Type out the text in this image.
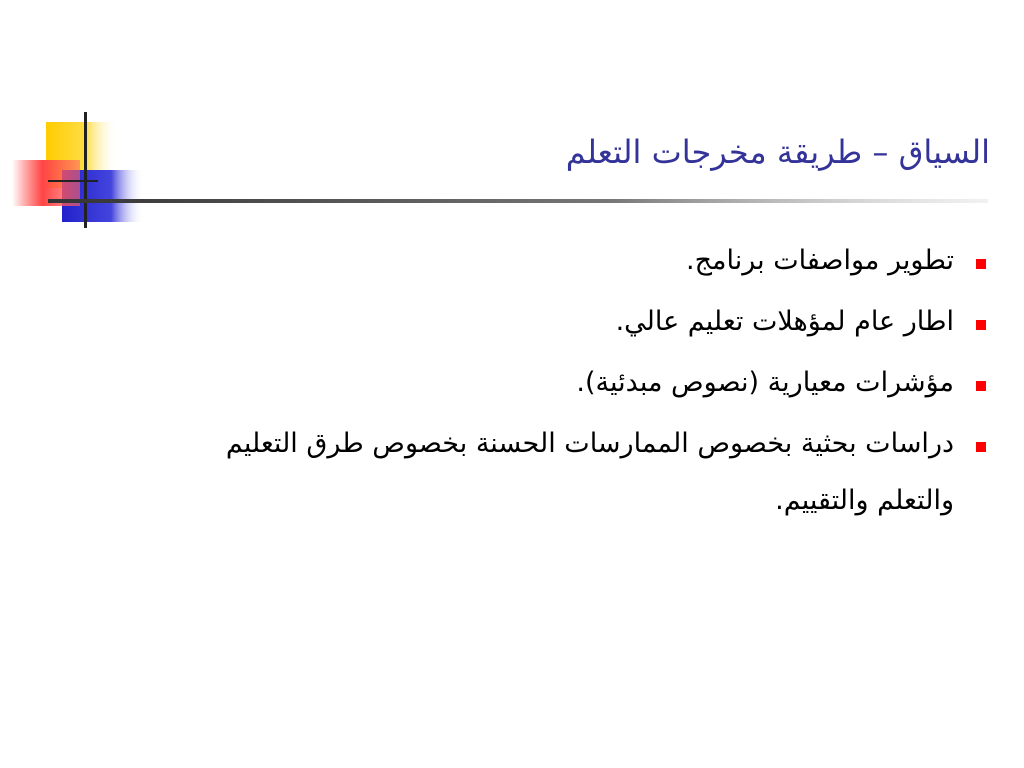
السياق – طريقة مخرجات التعلم
تطوير مواصفات برنامج.
اطار عام لمؤهلات تعليم عالي.
مؤشرات معيارية (نصوص مبدئية).
دراسات بحثية بخصوص الممارسات الحسنة بخصوص طرق التعليم والتعلم والتقييم.
